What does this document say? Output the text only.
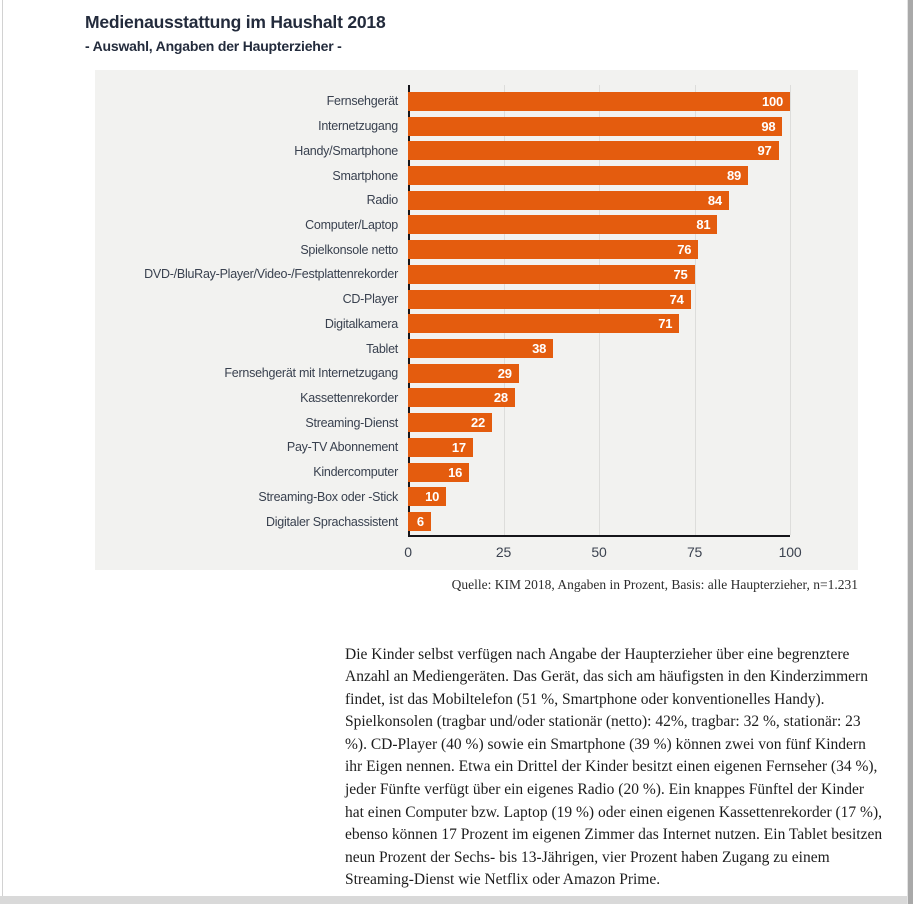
Medienausstattung im Haushalt 2018
- Auswahl, Angaben der Haupterzieher -
Fernsehgerät	100
Internetzugang	98
Handy/Smartphone	97
Smartphone	89
Radio	84
Computer/Laptop	81
Spielkonsole netto	76
DVD-/BluRay-Player/Video-/Festplattenrekorder	75
CD-Player	74
Digitalkamera	71
Tablet	38
Fernsehgerät mit Internetzugang	29
Kassettenrekorder	28
Streaming-Dienst	22
Pay-TV Abonnement	17
Kindercomputer	16
Streaming-Box oder -Stick	10
Digitaler Sprachassistent	6
0	25	50	75	100
Quelle: KIM 2018, Angaben in Prozent, Basis: alle Haupterzieher, n=1.231

Die Kinder selbst verfügen nach Angabe der Haupterzieher über eine begrenztere Anzahl an Mediengeräten. Das Gerät, das sich am häufigsten in den Kinderzimmern findet, ist das Mobiltelefon (51 %, Smartphone oder konventionelles Handy). Spielkonsolen (tragbar und/oder stationär (netto): 42%, tragbar: 32 %, stationär: 23 %). CD-Player (40 %) sowie ein Smartphone (39 %) können zwei von fünf Kindern ihr Eigen nennen. Etwa ein Drittel der Kinder besitzt einen eigenen Fernseher (34 %), jeder Fünfte verfügt über ein eigenes Radio (20 %). Ein knappes Fünftel der Kinder hat einen Computer bzw. Laptop (19 %) oder einen eigenen Kassettenrekorder (17 %), ebenso können 17 Prozent im eigenen Zimmer das Internet nutzen. Ein Tablet besitzen neun Prozent der Sechs- bis 13-Jährigen, vier Prozent haben Zugang zu einem Streaming-Dienst wie Netflix oder Amazon Prime.
